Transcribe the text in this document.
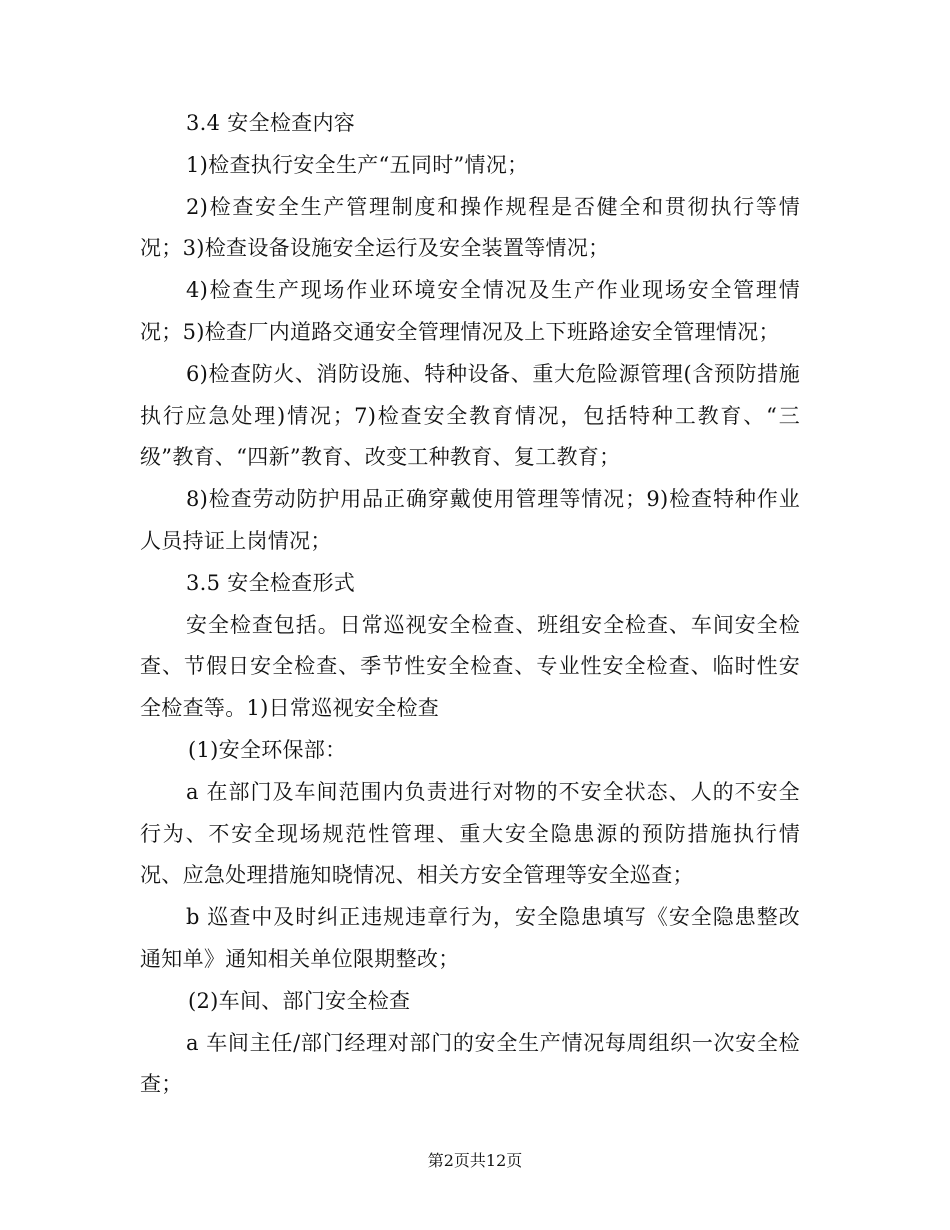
3.4 安全检查内容

1)检查执行安全生产“五同时”情况；

2)检查安全生产管理制度和操作规程是否健全和贯彻执行等情况；3)检查设备设施安全运行及安全装置等情况；

4)检查生产现场作业环境安全情况及生产作业现场安全管理情况；5)检查厂内道路交通安全管理情况及上下班路途安全管理情况；

6)检查防火、消防设施、特种设备、重大危险源管理(含预防措施执行应急处理)情况；7)检查安全教育情况，包括特种工教育、“三级”教育、“四新”教育、改变工种教育、复工教育；

8)检查劳动防护用品正确穿戴使用管理等情况；9)检查特种作业人员持证上岗情况；

3.5 安全检查形式

安全检查包括。日常巡视安全检查、班组安全检查、车间安全检查、节假日安全检查、季节性安全检查、专业性安全检查、临时性安全检查等。1)日常巡视安全检查

(1)安全环保部：

a 在部门及车间范围内负责进行对物的不安全状态、人的不安全行为、不安全现场规范性管理、重大安全隐患源的预防措施执行情况、应急处理措施知晓情况、相关方安全管理等安全巡查；

b 巡查中及时纠正违规违章行为，安全隐患填写《安全隐患整改通知单》通知相关单位限期整改；

(2)车间、部门安全检查

a 车间主任/部门经理对部门的安全生产情况每周组织一次安全检查；

第2页共12页
